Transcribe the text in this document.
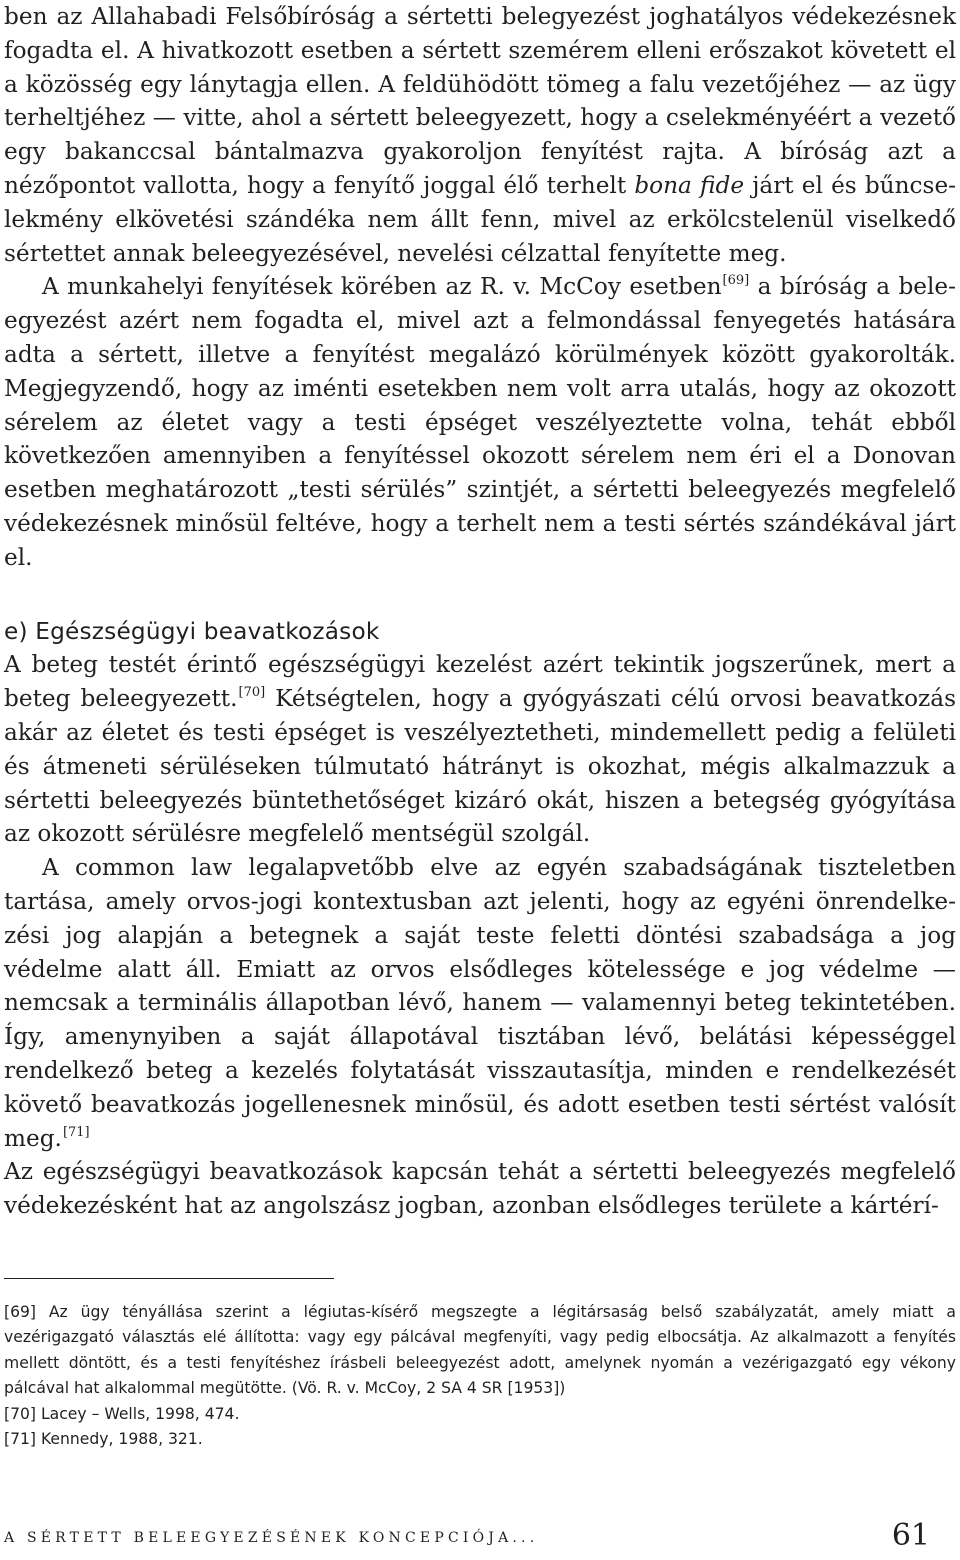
ben az Allahabadi Felsőbíróság a sértetti belegyezést joghatályos védekezésnek fogadta el. A hivatkozott esetben a sértett szemérem elleni erőszakot követett el a közösség egy lánytagja ellen. A feldühödött tömeg a falu vezetőjéhez — az ügy terheltjéhez — vitte, ahol a sértett beleegyezett, hogy a cselekményéért a vezető egy bakanccsal bántalmazva gyakoroljon fenyítést rajta. A bíróság azt a nézőpontot vallotta, hogy a fenyítő joggal élő terhelt bona fide járt el és bűncselekmény elkövetési szándéka nem állt fenn, mivel az erkölcstelenül viselkedő sértettet annak beleegyezésével, nevelési célzattal fenyítette meg.

A munkahelyi fenyítések körében az R. v. McCoy esetben[69] a bíróság a beleegyezést azért nem fogadta el, mivel azt a felmondással fenyegetés hatására adta a sértett, illetve a fenyítést megalázó körülmények között gyakorolták. Megjegyzendő, hogy az iménti esetekben nem volt arra utalás, hogy az okozott sérelem az életet vagy a testi épséget veszélyeztette volna, tehát ebből következően amennyiben a fenyítéssel okozott sérelem nem éri el a Donovan esetben meghatározott „testi sérülés” szintjét, a sértetti beleegyezés megfelelő védekezésnek minősül feltéve, hogy a terhelt nem a testi sértés szándékával járt el.

e) Egészségügyi beavatkozások

A beteg testét érintő egészségügyi kezelést azért tekintik jogszerűnek, mert a beteg beleegyezett.[70] Kétségtelen, hogy a gyógyászati célú orvosi beavatkozás akár az életet és testi épséget is veszélyeztetheti, mindemellett pedig a felületi és átmeneti sérüléseken túlmutató hátrányt is okozhat, mégis alkalmazzuk a sértetti beleegyezés büntethetőséget kizáró okát, hiszen a betegség gyógyítása az okozott sérülésre megfelelő mentségül szolgál.

A common law legalapvetőbb elve az egyén szabadságának tiszteletben tartása, amely orvos-jogi kontextusban azt jelenti, hogy az egyéni önrendelkezési jog alapján a betegnek a saját teste feletti döntési szabadsága a jog védelme alatt áll. Emiatt az orvos elsődleges kötelessége e jog védelme — nemcsak a terminális állapotban lévő, hanem — valamennyi beteg tekintetében. Így, amenynyiben a saját állapotával tisztában lévő, belátási képességgel rendelkező beteg a kezelés folytatását visszautasítja, minden e rendelkezését követő beavatkozás jogellenesnek minősül, és adott esetben testi sértést valósít meg.[71]

Az egészségügyi beavatkozások kapcsán tehát a sértetti beleegyezés megfelelő védekezésként hat az angolszász jogban, azonban elsődleges területe a kártérí-

[69] Az ügy tényállása szerint a légiutas-kísérő megszegte a légitársaság belső szabályzatát, amely miatt a vezérigazgató választás elé állította: vagy egy pálcával megfenyíti, vagy pedig elbocsátja. Az alkalmazott a fenyítés mellett döntött, és a testi fenyítéshez írásbeli beleegyezést adott, amelynek nyomán a vezérigazgató egy vékony pálcával hat alkalommal megütötte. (Vö. R. v. McCoy, 2 SA 4 SR [1953])

[70] Lacey – Wells, 1998, 474.

[71] Kennedy, 1988, 321.

A SÉRTETT BELEEGYEZÉSÉNEK KONCEPCIÓJA...	61
